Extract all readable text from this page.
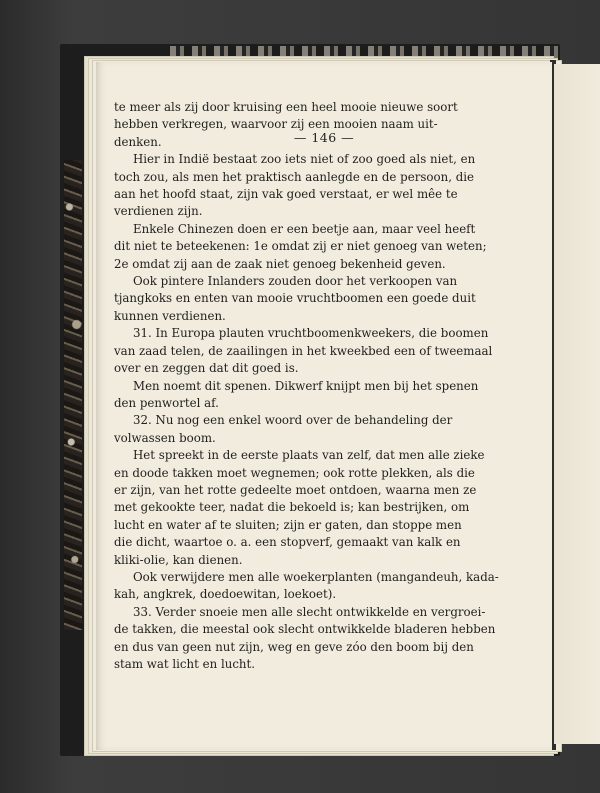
— 146 —
te meer als zij door kruising een heel mooie nieuwe soort
hebben verkregen, waarvoor zij een mooien naam uit-
denken.
Hier in Indië bestaat zoo iets niet of zoo goed als niet, en
toch zou, als men het praktisch aanlegde en de persoon, die
aan het hoofd staat, zijn vak goed verstaat, er wel mêe te
verdienen zijn.
Enkele Chinezen doen er een beetje aan, maar veel heeft
dit niet te beteekenen: 1e omdat zij er niet genoeg van weten;
2e omdat zij aan de zaak niet genoeg bekenheid geven.
Ook pintere Inlanders zouden door het verkoopen van
tjangkoks en enten van mooie vruchtboomen een goede duit
kunnen verdienen.
31. In Europa plauten vruchtboomenkweekers, die boomen
van zaad telen, de zaailingen in het kweekbed een of tweemaal
over en zeggen dat dit goed is.
Men noemt dit spenen. Dikwerf knijpt men bij het spenen
den penwortel af.
32. Nu nog een enkel woord over de behandeling der
volwassen boom.
Het spreekt in de eerste plaats van zelf, dat men alle zieke
en doode takken moet wegnemen; ook rotte plekken, als die
er zijn, van het rotte gedeelte moet ontdoen, waarna men ze
met gekookte teer, nadat die bekoeld is; kan bestrijken, om
lucht en water af te sluiten; zijn er gaten, dan stoppe men
die dicht, waartoe o. a. een stopverf, gemaakt van kalk en
kliki-olie, kan dienen.
Ook verwijdere men alle woekerplanten (mangandeuh, kada-
kah, angkrek, doedoewitan, loekoet).
33. Verder snoeie men alle slecht ontwikkelde en vergroei-
de takken, die meestal ook slecht ontwikkelde bladeren hebben
en dus van geen nut zijn, weg en geve zóo den boom bij den
stam wat licht en lucht.
